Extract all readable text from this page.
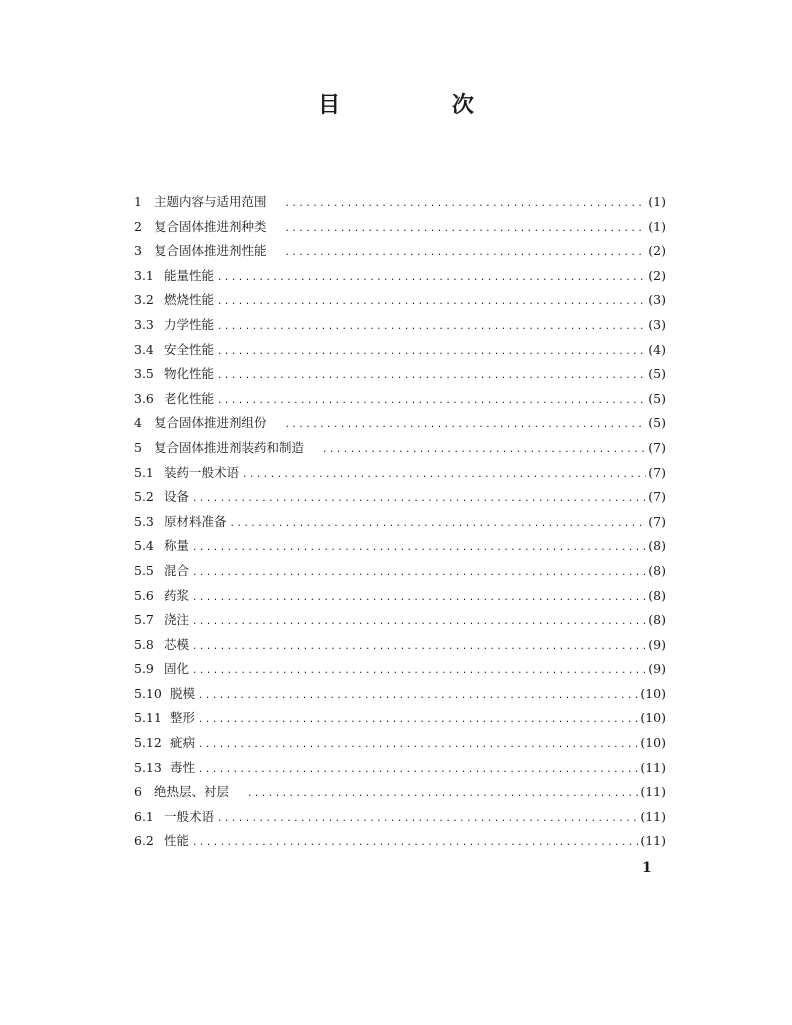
目 次
1 主题内容与适用范围 .....	(1)
2 复合固体推进剂种类 .....	(1)
3 复合固体推进剂性能 .....	(2)
3.1 能量性能 .....	(2)
3.2 燃烧性能 .....	(3)
3.3 力学性能 .....	(3)
3.4 安全性能 .....	(4)
3.5 物化性能 .....	(5)
3.6 老化性能 .....	(5)
4 复合固体推进剂组份 .....	(5)
5 复合固体推进剂装药和制造 .....	(7)
5.1 装药一般术语 .....	(7)
5.2 设备 .....	(7)
5.3 原材料准备 .....	(7)
5.4 称量 .....	(8)
5.5 混合 .....	(8)
5.6 药浆 .....	(8)
5.7 浇注 .....	(8)
5.8 芯模 .....	(9)
5.9 固化 .....	(9)
5.10 脱模 .....	(10)
5.11 整形 .....	(10)
5.12 疵病 .....	(10)
5.13 毒性 .....	(11)
6 绝热层、衬层 .....	(11)
6.1 一般术语 .....	(11)
6.2 性能 .....	(11)
1
